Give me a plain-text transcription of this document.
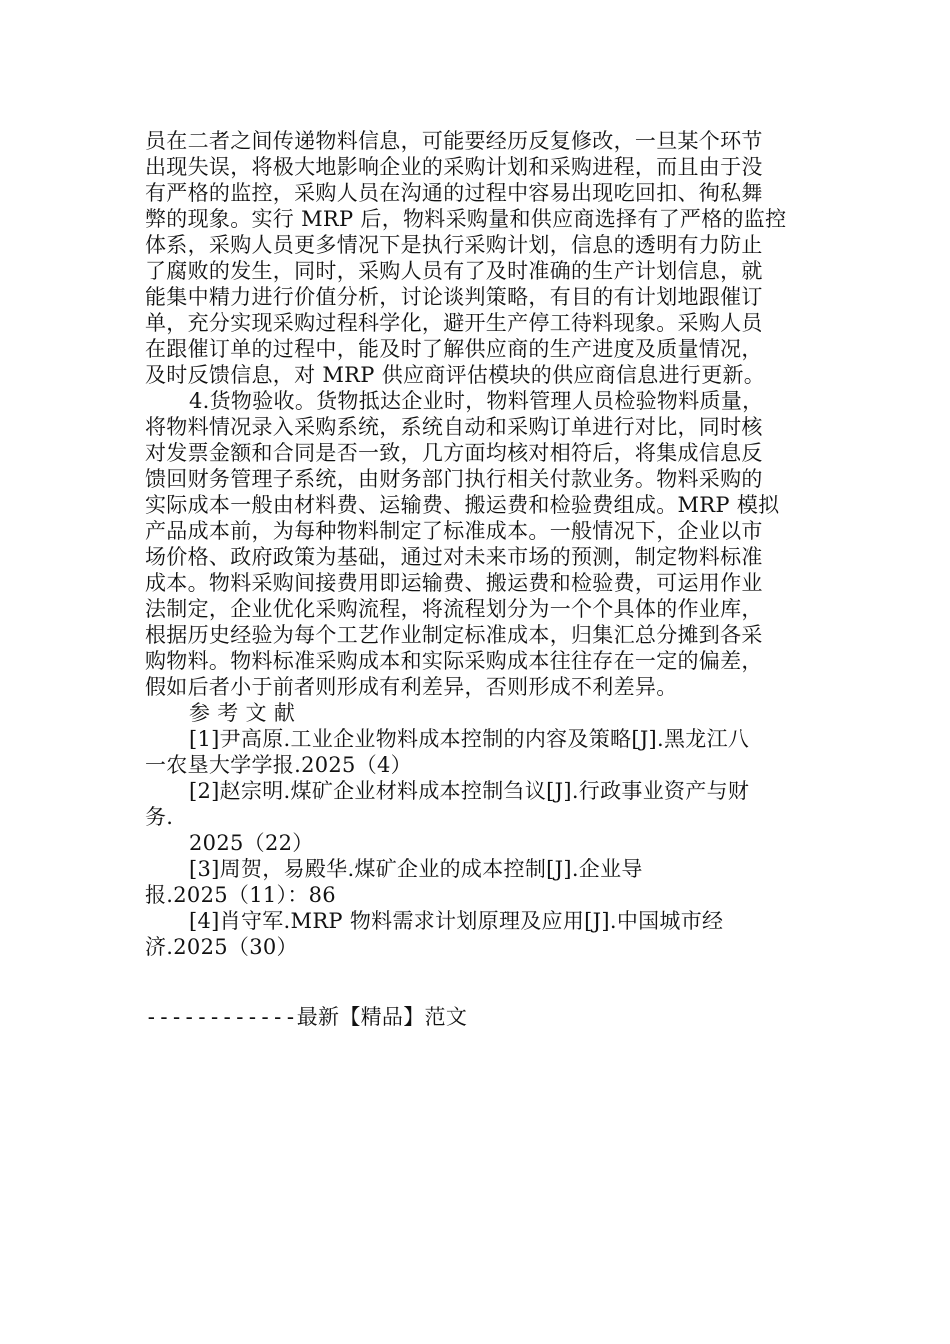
员在二者之间传递物料信息，可能要经历反复修改，一旦某个环节
出现失误，将极大地影响企业的采购计划和采购进程，而且由于没
有严格的监控，采购人员在沟通的过程中容易出现吃回扣、徇私舞
弊的现象。实行 MRP 后，物料采购量和供应商选择有了严格的监控
体系，采购人员更多情况下是执行采购计划，信息的透明有力防止
了腐败的发生，同时，采购人员有了及时准确的生产计划信息，就
能集中精力进行价值分析，讨论谈判策略，有目的有计划地跟催订
单，充分实现采购过程科学化，避开生产停工待料现象。采购人员
在跟催订单的过程中，能及时了解供应商的生产进度及质量情况，
及时反馈信息，对 MRP 供应商评估模块的供应商信息进行更新。
4.货物验收。货物抵达企业时，物料管理人员检验物料质量，
将物料情况录入采购系统，系统自动和采购订单进行对比，同时核
对发票金额和合同是否一致，几方面均核对相符后，将集成信息反
馈回财务管理子系统，由财务部门执行相关付款业务。物料采购的
实际成本一般由材料费、运输费、搬运费和检验费组成。MRP 模拟
产品成本前，为每种物料制定了标准成本。一般情况下，企业以市
场价格、政府政策为基础，通过对未来市场的预测，制定物料标准
成本。物料采购间接费用即运输费、搬运费和检验费，可运用作业
法制定，企业优化采购流程，将流程划分为一个个具体的作业库，
根据历史经验为每个工艺作业制定标准成本，归集汇总分摊到各采
购物料。物料标准采购成本和实际采购成本往往存在一定的偏差，
假如后者小于前者则形成有利差异，否则形成不利差异。
参 考 文 献
[1]尹高原.工业企业物料成本控制的内容及策略[J].黑龙江八
一农垦大学学报.2025（4）
[2]赵宗明.煤矿企业材料成本控制刍议[J].行政事业资产与财
务.
2025（22）
[3]周贺，易殿华.煤矿企业的成本控制[J].企业导
报.2025（11）：86
[4]肖守军.MRP 物料需求计划原理及应用[J].中国城市经
济.2025（30）
------------最新【精品】范文
